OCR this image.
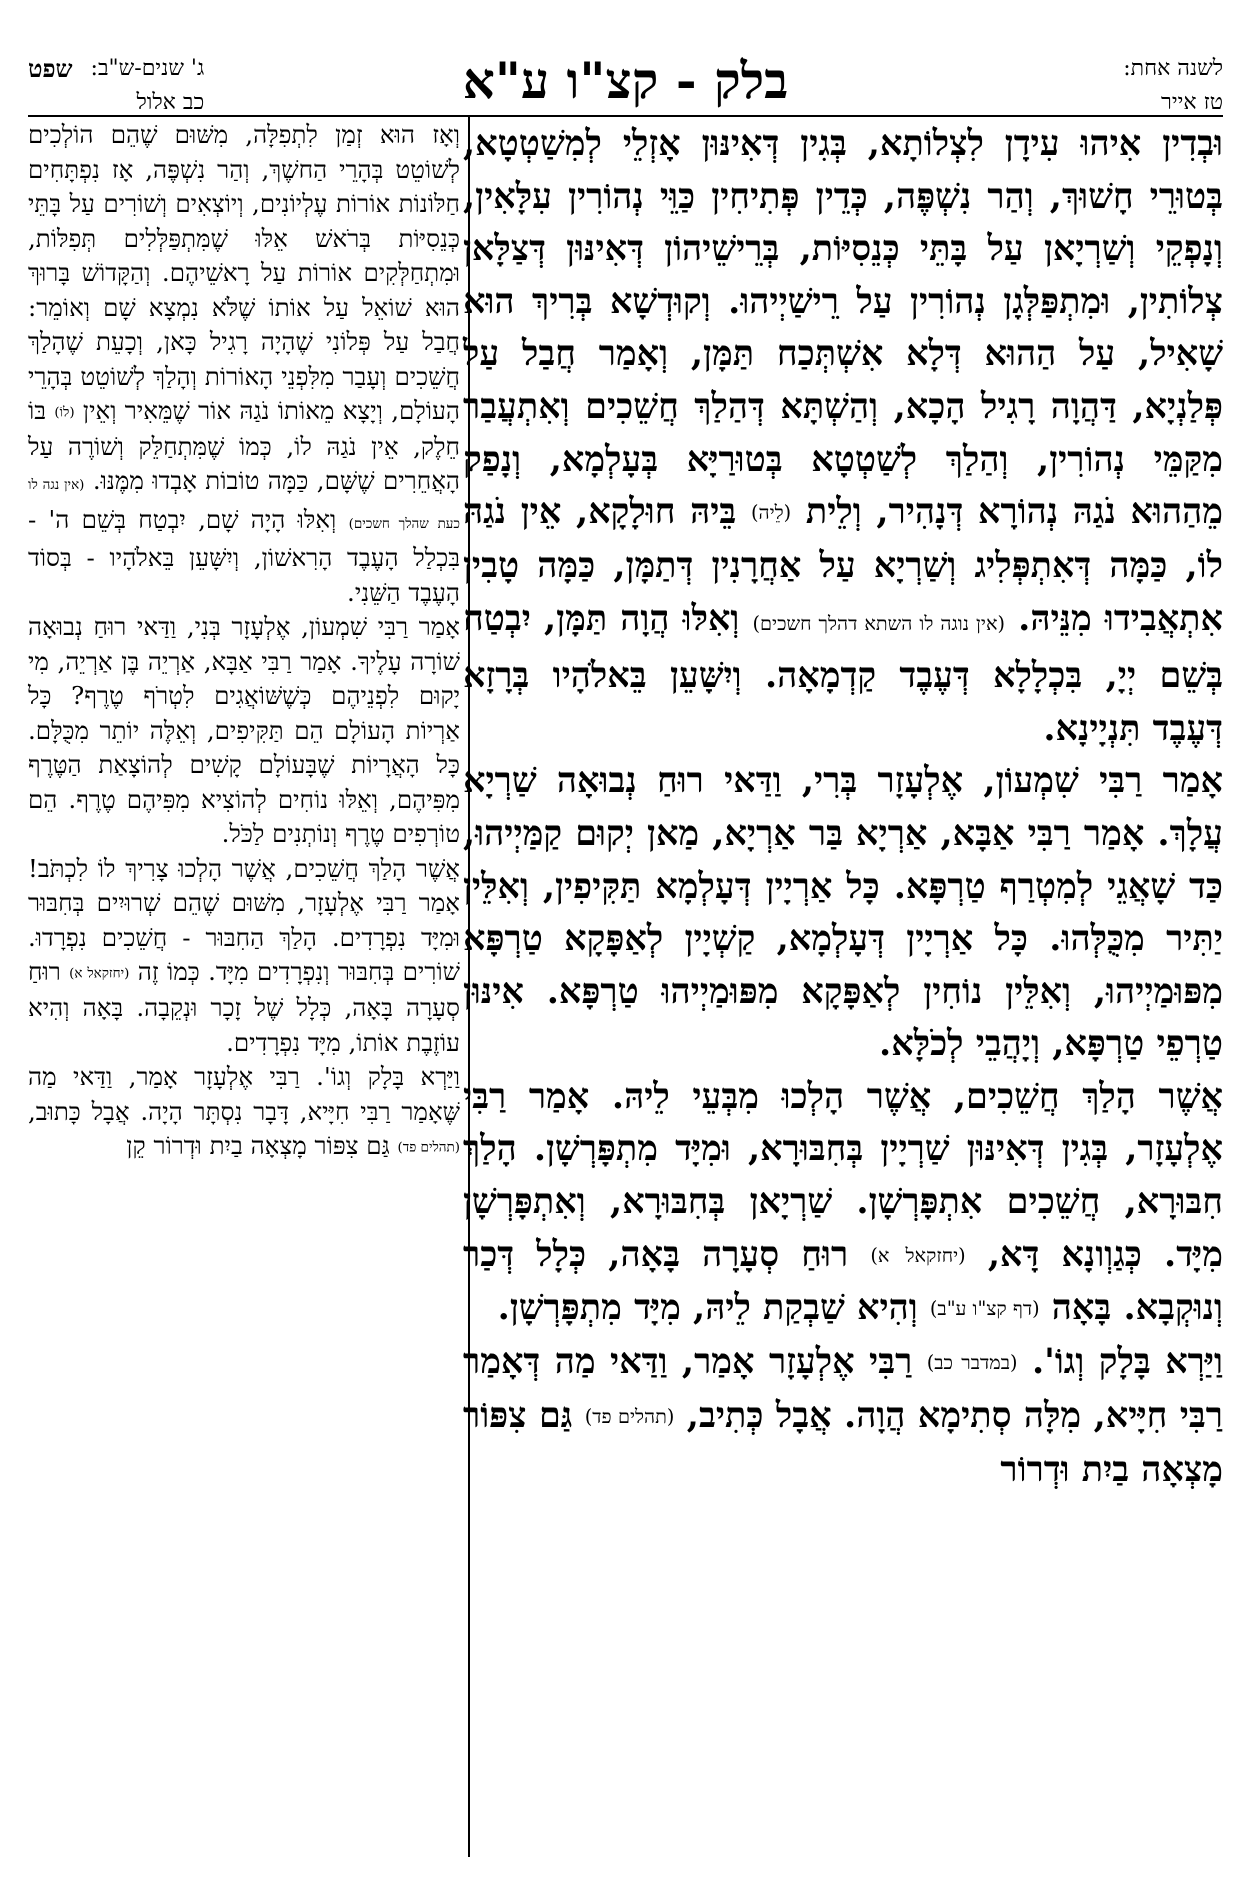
לשנה אחת:
טז אייר
בלק - קצ"ו ע"א
ג' שנים-ש"ב:
שפט
כב אלול

וּבְדִין אִיהוּ עִידָן לִצְלוֹתָא, בְּגִין דְּאִינּוּן אָזְלֵי לְמִשַׁטְטָא, בְּטוּרֵי חָשׁוּךְ, וְהַר נִשְׁפֶּה, כְּדֵין פְּתִיחִין כַּוֵּי נְהוֹרִין עִלָּאִין, וְנָפְקֵי וְשַׁרְיָאן עַל בָּתֵּי כְּנֵסִיּוֹת, בְּרֵישֵׁיהוֹן דְּאִינּוּן דְּצַלָּאן צְלוֹתִין, וּמִתְפַּלְּגָן נְהוֹרִין עַל רֵישַׁיְיהוּ. וְקוּדְשָׁא בְּרִיךְ הוּא שָׁאִיל, עַל הַהוּא דְּלָא אִשְׁתְּכַח תַּמָּן, וְאָמַר חֲבַל עַל פְּלַנְיָא, דַּהֲוָה רָגִיל הָכָא, וְהַשְׁתָּא דְּהַלַךְ חֲשֵׁכִים וְאִתְעֲבַר מִקַּמֵּי נְהוֹרִין, וְהַלַךְ לְשַׁטְטָא בְּטוּרַיָּא בְּעָלְמָא, וְנָפַק מֵהַהוּא נֹגַהּ נְהוֹרָא דְּנָהִיר, וְלֵית (לֵיה) בֵּיהּ חוּלָקָא, אֵין נֹגַהּ לוֹ, כַּמָּה דְּאִתְפְּלִיג וְשַׁרְיָא עַל אַחֲרָנִין דְּתַמָּן, כַּמָּה טָבִין אִתְאֲבִידוּ מִנֵּיהּ. (אין נוגה לו השתא דהלך חשכים) וְאִלּוּ הֲוָה תַּמָּן, יִבְטַח בְּשֵׁם יְיָ, בִּכְלָלָא דְּעֶבֶד קַדְמָאָה. וְיִשָּׁעֵן בֵּאלֹהָיו בְּרָזָא דְּעֶבֶד תִּנְיָינָא.

אָמַר רַבִּי שִׁמְעוֹן, אֶלְעָזָר בְּרִי, וַדַּאי רוּחַ נְבוּאָה שַׁרְיָא עֲלָךְ. אָמַר רַבִּי אַבָּא, אַרְיָא בַּר אַרְיָא, מַאן יְקוּם קַמַּיְיהוּ, כַּד שָׁאֲגֵי לְמִטְרַף טַרְפָּא. כָּל אַרְיָין דְּעָלְמָא תַּקִּיפִין, וְאִלֵּין יַתִּיר מִכֻּלְּהוּ. כָּל אַרְיָין דְּעָלְמָא, קַשְׁיָין לְאַפָּקָא טַרְפָּא מִפּוּמַיְיהוּ, וְאִלֵּין נוֹחִין לְאַפָּקָא מִפּוּמַיְיהוּ טַרְפָּא. אִינּוּן טַרְפֵי טַרְפָּא, וְיָהֲבֵי לְכֹלָּא.

אֲשֶׁר הָלַךְ חֲשֵׁכִים, אֲשֶׁר הָלְכוּ מִבְּעֵי לֵיהּ. אָמַר רַבִּי אֶלְעָזָר, בְּגִין דְּאִינּוּן שַׁרְיָין בְּחִבּוּרָא, וּמִיָּד מִתְפָּרְשָׁן. הָלַךְ חִבּוּרָא, חֲשֵׁכִים אִתְפָּרְשָׁן. שַׁרְיָאן בְּחִבּוּרָא, וְאִתְפָּרְשָׁן מִיָּד. כְּגַוְונָא דָּא, (יחזקאל א) רוּחַ סְעָרָה בָּאָה, כְּלָל דְּכַר וְנוּקְבָא. בָּאָה (דף קצ"ו ע"ב) וְהִיא שַׁבְקַת לֵיהּ, מִיָּד מִתְפָּרְשָׁן.

וַיַּרְא בָּלָק וְגוֹ'. (במדבר כב) רַבִּי אֶלְעָזָר אָמַר, וַדַּאי מַה דְּאָמַר רַבִּי חִיָּיא, מִלָּה סְתִימָא הֲוָה. אֲבָל כְּתִיב, (תהלים פד) גַּם צִפּוֹר מָצְאָה בַיִת וּדְרוֹר

וְאָז הוּא זְמַן לִתְפִלָּה, מִשּׁוּם שֶׁהֵם הוֹלְכִים לְשׁוֹטֵט בְּהָרֵי הַחשֶׁךְ, וְהַר נִשְׁפֶּה, אָז נִפְתָּחִים חַלּוֹנוֹת אוֹרוֹת עֶלְיוֹנִים, וְיוֹצְאִים וְשׁוֹרִים עַל בָּתֵּי כְּנֵסִיּוֹת בְּרֹאשׁ אֵלּוּ שֶׁמִּתְפַּלְּלִים תְּפִלּוֹת, וּמִתְחַלְּקִים אוֹרוֹת עַל רָאשֵׁיהֶם. וְהַקָּדוֹשׁ בָּרוּךְ הוּא שׁוֹאֵל עַל אוֹתוֹ שֶׁלֹּא נִמְצָא שָׁם וְאוֹמֵר: חֲבַל עַל פְּלוֹנִי שֶׁהָיָה רָגִיל כָּאן, וְכָעֵת שֶׁהָלַךְ חֲשֵׁכִים וְעָבַר מִלִּפְנֵי הָאוֹרוֹת וְהָלַךְ לְשׁוֹטֵט בְּהָרֵי הָעוֹלָם, וְיָצָא מֵאוֹתוֹ נֹגַהּ אוֹר שֶׁמֵּאִיר וְאֵין (לוֹ) בּוֹ חֵלֶק, אֵין נֹגַהּ לוֹ, כְּמוֹ שֶׁמִּתְחַלֵּק וְשׁוֹרֶה עַל הָאֲחֵרִים שֶׁשָּׁם, כַּמָּה טוֹבוֹת אָבְדוּ מִמֶּנּוּ. (אין נגה לו כעת שהלך חשכים) וְאִלּוּ הָיָה שָׁם, יִבְטַח בְּשֵׁם ה' - בִּכְלַל הָעֶבֶד הָרִאשׁוֹן, וְיִשָּׁעֵן בֵּאלֹהָיו - בְּסוֹד הָעֶבֶד הַשֵּׁנִי.

אָמַר רַבִּי שִׁמְעוֹן, אֶלְעָזָר בְּנִי, וַדַּאי רוּחַ נְבוּאָה שׁוֹרָה עָלֶיךָ. אָמַר רַבִּי אַבָּא, אַרְיֵה בֶּן אַרְיֵה, מִי יָקוּם לִפְנֵיהֶם כְּשֶׁשּׁוֹאֲגִים לִטְרֹף טֶרֶף? כָּל אַרְיוֹת הָעוֹלָם הֵם תַּקִּיפִים, וְאֵלֶּה יוֹתֵר מִכֻּלָּם. כָּל הָאֲרָיוֹת שֶׁבָּעוֹלָם קָשִׁים לְהוֹצָאַת הַטֶּרֶף מִפִּיהֶם, וְאֵלּוּ נוֹחִים לְהוֹצִיא מִפִּיהֶם טֶרֶף. הֵם טוֹרְפִים טֶרֶף וְנוֹתְנִים לַכֹּל.

אֲשֶׁר הָלַךְ חֲשֵׁכִים, אֲשֶׁר הָלְכוּ צָרִיךְ לוֹ לִכְתֹּב! אָמַר רַבִּי אֶלְעָזָר, מִשּׁוּם שֶׁהֵם שְׁרוּיִים בְּחִבּוּר וּמִיָּד נִפְרָדִים. הָלַךְ הַחִבּוּר - חֲשֵׁכִים נִפְרָדוּ. שׁוֹרִים בְּחִבּוּר וְנִפְרָדִים מִיָּד. כְּמוֹ זֶה (יחזקאל א) רוּחַ סְעָרָה בָּאָה, כְּלָל שֶׁל זָכָר וּנְקֵבָה. בָּאָה וְהִיא עוֹזֶבֶת אוֹתוֹ, מִיָּד נִפְרָדִים.

וַיַּרְא בָּלָק וְגוֹ'. רַבִּי אֶלְעָזָר אָמַר, וַדַּאי מַה שֶּׁאָמַר רַבִּי חִיָּיא, דָּבָר נִסְתָּר הָיָה. אֲבָל כָּתוּב, (תהלים פד) גַּם צִפּוֹר מָצְאָה בַיִת וּדְרוֹר קֵן
